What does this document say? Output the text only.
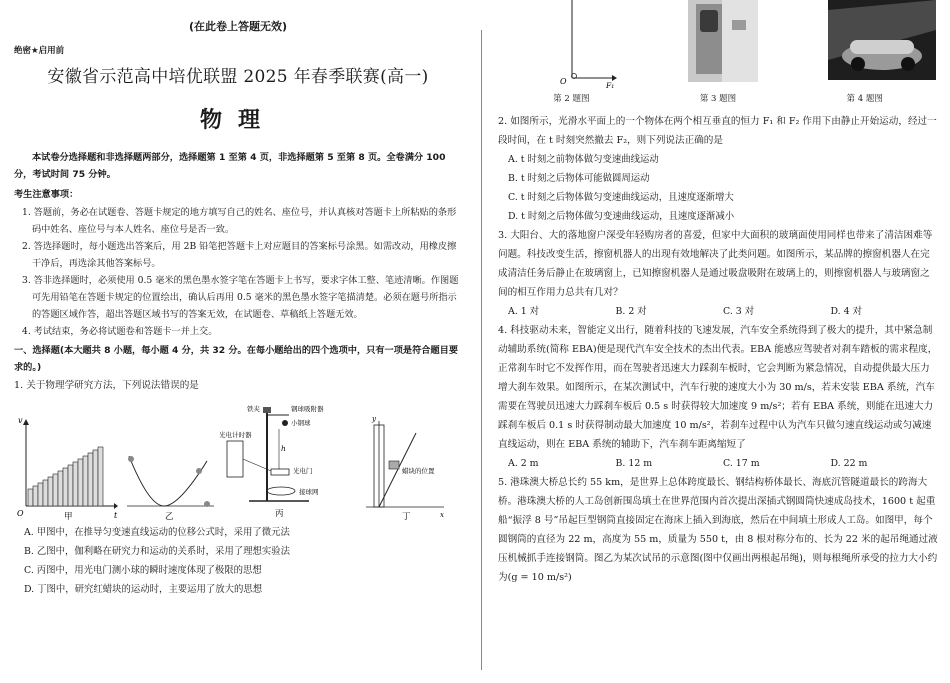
(在此卷上答题无效)
绝密★启用前
安徽省示范高中培优联盟 2025 年春季联赛(高一)
物理
本试卷分选择题和非选择题两部分，选择题第 1 至第 4 页，非选择题第 5 至第 8 页。全卷满分 100 分，考试时间 75 分钟。
考生注意事项：
1. 答题前，务必在试题卷、答题卡规定的地方填写自己的姓名、座位号，并认真核对答题卡上所粘贴的条形码中姓名、座位号与本人姓名、座位号是否一致。
2. 答选择题时，每小题选出答案后，用 2B 铅笔把答题卡上对应题目的答案标号涂黑。如需改动，用橡皮擦干净后，再选涂其他答案标号。
3. 答非选择题时，必须使用 0.5 毫米的黑色墨水签字笔在答题卡上书写，要求字体工整、笔迹清晰。作图题可先用铅笔在答题卡规定的位置绘出，确认后再用 0.5 毫米的黑色墨水签字笔描清楚。必须在题号所指示的答题区域作答，超出答题区域书写的答案无效，在试题卷、草稿纸上答题无效。
4. 考试结束，务必将试题卷和答题卡一并上交。
一、选择题(本大题共 8 小题，每小题 4 分，共 32 分。在每小题给出的四个选项中，只有一项是符合题目要求的。)
1. 关于物理学研究方法，下列说法错误的是
v
t
O	甲	乙
h
铁夹	钢球吸附器
小钢球
光电门
光电计时器
接球网
丙
y
x
蜡块的位置
丁
A. 甲图中，在推导匀变速直线运动的位移公式时，采用了微元法
B. 乙图中，伽利略在研究力和运动的关系时，采用了理想实验法
C. 丙图中，用光电门测小球的瞬时速度体现了极限的思想
D. 丁图中，研究红蜡块的运动时，主要运用了放大的思想
O	F₁
第 2 题图	第 3 题图	第 4 题图
2. 如图所示，光滑水平面上的一个物体在两个相互垂直的恒力 F₁ 和 F₂ 作用下由静止开始运动，经过一段时间，在 t 时刻突然撤去 F₂，则下列说法正确的是
A. t 时刻之前物体做匀变速曲线运动
B. t 时刻之后物体可能做圆周运动
C. t 时刻之后物体做匀变速曲线运动，且速度逐渐增大
D. t 时刻之后物体做匀变速曲线运动，且速度逐渐减小
3. 大阳台、大的落地窗户深受年轻购房者的喜爱，但家中大面积的玻璃面使用同样也带来了清洁困难等问题。科技改变生活，擦窗机器人的出现有效地解决了此类问题。如图所示，某品牌的擦窗机器人在完成清洁任务后静止在玻璃窗上，已知擦窗机器人是通过吸盘吸附在玻璃上的，则擦窗机器人与玻璃窗之间的相互作用力总共有几对？
A. 1 对	B. 2 对	C. 3 对	D. 4 对
4. 科技驱动未来，智能定义出行，随着科技的飞速发展，汽车安全系统得到了极大的提升，其中紧急制动辅助系统(简称 EBA)便是现代汽车安全技术的杰出代表。EBA 能感应驾驶者对刹车踏板的需求程度，正常刹车时它不发挥作用，而在驾驶者迅速大力踩刹车板时，它会判断为紧急情况，自动提供最大压力增大刹车效果。如图所示，在某次测试中，汽车行驶的速度大小为 30 m/s，若未安装 EBA 系统，汽车需要在驾驶员迅速大力踩刹车板后 0.5 s 时获得较大加速度 9 m/s²；若有 EBA 系统，则能在迅速大力踩刹车板后 0.1 s 时获得制动最大加速度 10 m/s²，若刹车过程中认为汽车只做匀速直线运动或匀减速直线运动，则在 EBA 系统的辅助下，汽车刹车距离缩短了
A. 2 m	B. 12 m	C. 17 m	D. 22 m
5. 港珠澳大桥总长约 55 km，是世界上总体跨度最长、钢结构桥体最长、海底沉管隧道最长的跨海大桥。港珠澳大桥的人工岛创新围岛填土在世界范围内首次提出深插式钢圆筒快速成岛技术，1600 t 起重船“振浮 8 号”吊起巨型钢筒直接固定在海床上插入到海底，然后在中间填土形成人工岛。如图甲，每个圆钢筒的直径为 22 m，高度为 55 m，质量为 550 t，由 8 根对称分布的、长为 22 米的起吊绳通过液压机械抓手连接钢筒。图乙为某次试吊的示意图(图中仅画出两根起吊绳)，则每根绳所承受的拉力大小约为(g = 10 m/s²)
